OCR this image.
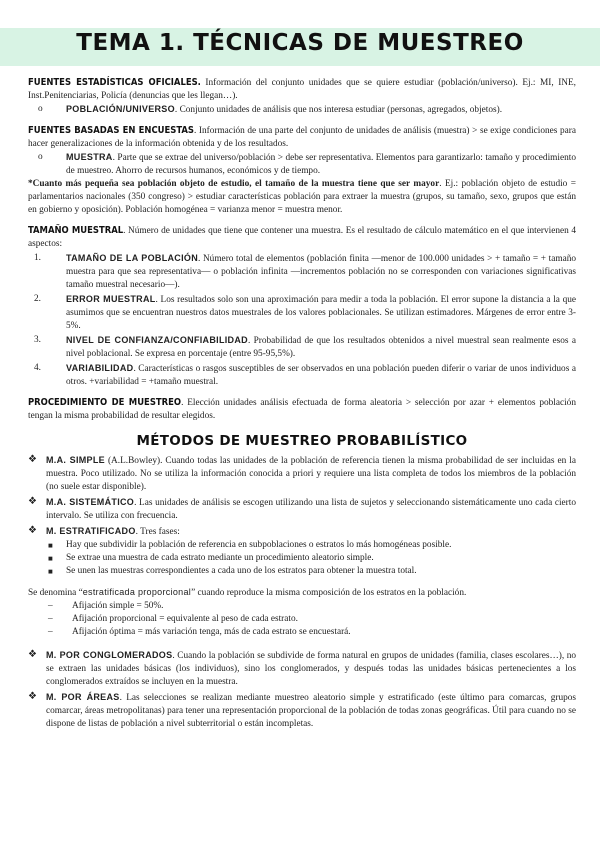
TEMA 1. TÉCNICAS DE MUESTREO

FUENTES ESTADÍSTICAS OFICIALES. Información del conjunto unidades que se quiere estudiar (población/universo). Ej.: MI, INE, Inst.Penitenciarias, Policía (denuncias que les llegan…).

o	POBLACIÓN/UNIVERSO. Conjunto unidades de análisis que nos interesa estudiar (personas, agregados, objetos).

FUENTES BASADAS EN ENCUESTAS. Información de una parte del conjunto de unidades de análisis (muestra) > se exige condiciones para hacer generalizaciones de la información obtenida y de los resultados.

o	MUESTRA. Parte que se extrae del universo/población > debe ser representativa. Elementos para garantizarlo: tamaño y procedimiento de muestreo. Ahorro de recursos humanos, económicos y de tiempo.

*Cuanto más pequeña sea población objeto de estudio, el tamaño de la muestra tiene que ser mayor. Ej.: población objeto de estudio = parlamentarios nacionales (350 congreso) > estudiar características población para extraer la muestra (grupos, su tamaño, sexo, grupos que están en gobierno y oposición). Población homogénea = varianza menor = muestra menor.

TAMAÑO MUESTRAL. Número de unidades que tiene que contener una muestra. Es el resultado de cálculo matemático en el que intervienen 4 aspectos:

1.	TAMAÑO DE LA POBLACIÓN. Número total de elementos (población finita —menor de 100.000 unidades > + tamaño = + tamaño muestra para que sea representativa— o población infinita —incrementos población no se corresponden con variaciones significativas tamaño muestral necesario—).

2.	ERROR MUESTRAL. Los resultados solo son una aproximación para medir a toda la población. El error supone la distancia a la que asumimos que se encuentran nuestros datos muestrales de los valores poblacionales. Se utilizan estimadores. Márgenes de error entre 3-5%.

3.	NIVEL DE CONFIANZA/CONFIABILIDAD. Probabilidad de que los resultados obtenidos a nivel muestral sean realmente esos a nivel poblacional. Se expresa en porcentaje (entre 95-95,5%).

4.	VARIABILIDAD. Características o rasgos susceptibles de ser observados en una población pueden diferir o variar de unos individuos a otros. +variabilidad = +tamaño muestral.

PROCEDIMIENTO DE MUESTREO. Elección unidades análisis efectuada de forma aleatoria > selección por azar + elementos población tengan la misma probabilidad de resultar elegidos.

MÉTODOS DE MUESTREO PROBABILÍSTICO
❖ M.A. SIMPLE (A.L.Bowley). Cuando todas las unidades de la población de referencia tienen la misma probabilidad de ser incluidas en la muestra. Poco utilizado. No se utiliza la información conocida a priori y requiere una lista completa de todos los miembros de la población (no suele estar disponible).

❖ M.A. SISTEMÁTICO. Las unidades de análisis se escogen utilizando una lista de sujetos y seleccionando sistemáticamente uno cada cierto intervalo. Se utiliza con frecuencia.

❖ M. ESTRATIFICADO. Tres fases:

■ Hay que subdividir la población de referencia en subpoblaciones o estratos lo más homogéneas posible.

■ Se extrae una muestra de cada estrato mediante un procedimiento aleatorio simple.

■ Se unen las muestras correspondientes a cada uno de los estratos para obtener la muestra total.

Se denomina “estratificada proporcional” cuando reproduce la misma composición de los estratos en la población.

– Afijación simple = 50%.

– Afijación proporcional = equivalente al peso de cada estrato.

– Afijación óptima = más variación tenga, más de cada estrato se encuestará.

❖ M. POR CONGLOMERADOS. Cuando la población se subdivide de forma natural en grupos de unidades (familia, clases escolares…), no se extraen las unidades básicas (los individuos), sino los conglomerados, y después todas las unidades básicas pertenecientes a los conglomerados extraídos se incluyen en la muestra.

❖ M. POR ÁREAS. Las selecciones se realizan mediante muestreo aleatorio simple y estratificado (este último para comarcas, grupos comarcar, áreas metropolitanas) para tener una representación proporcional de la población de todas zonas geográficas. Útil para cuando no se dispone de listas de población a nivel subterritorial o están incompletas.
